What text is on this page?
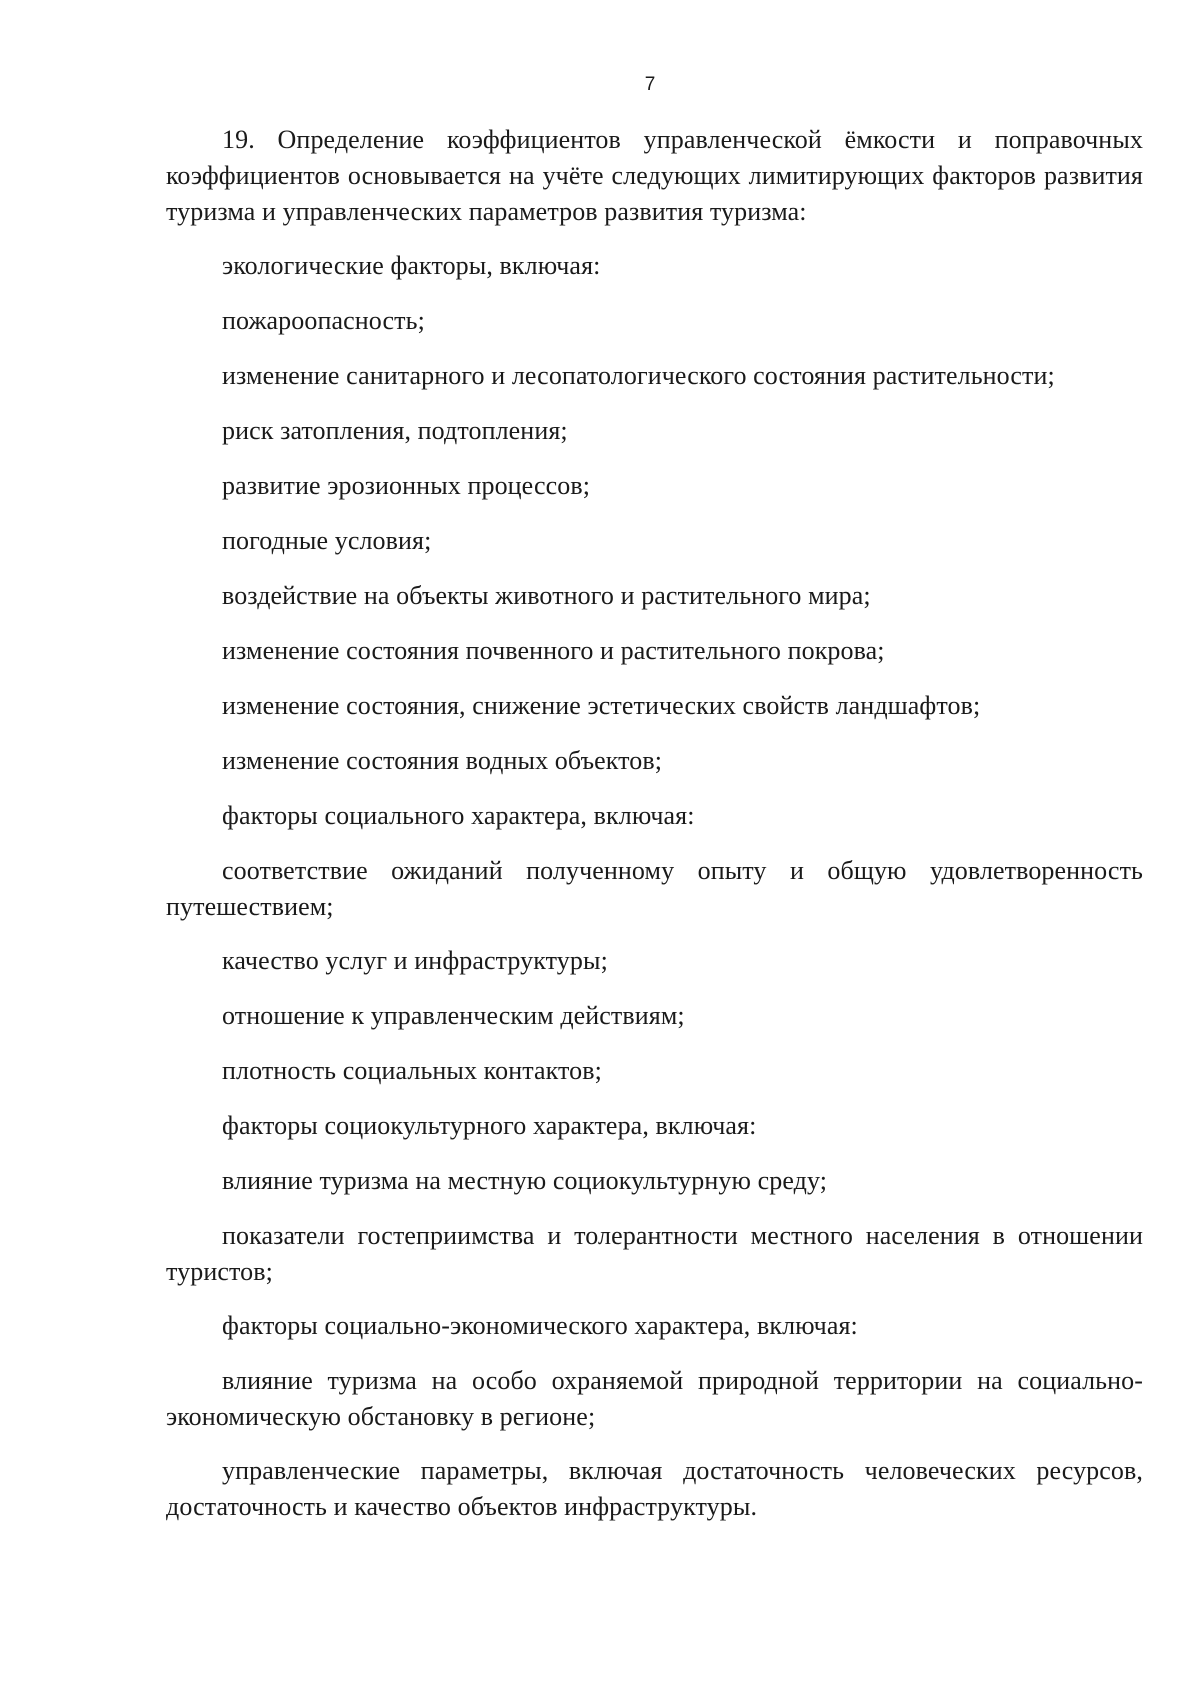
7

19. Определение коэффициентов управленческой ёмкости и поправочных коэффициентов основывается на учёте следующих лимитирующих факторов развития туризма и управленческих параметров развития туризма:

экологические факторы, включая:

пожароопасность;

изменение санитарного и лесопатологического состояния растительности;

риск затопления, подтопления;

развитие эрозионных процессов;

погодные условия;

воздействие на объекты животного и растительного мира;

изменение состояния почвенного и растительного покрова;

изменение состояния, снижение эстетических свойств ландшафтов;

изменение состояния водных объектов;

факторы социального характера, включая:

соответствие ожиданий полученному опыту и общую удовлетворенность путешествием;

качество услуг и инфраструктуры;

отношение к управленческим действиям;

плотность социальных контактов;

факторы социокультурного характера, включая:

влияние туризма на местную социокультурную среду;

показатели гостеприимства и толерантности местного населения в отношении туристов;

факторы социально-экономического характера, включая:

влияние туризма на особо охраняемой природной территории на социально-экономическую обстановку в регионе;

управленческие параметры, включая достаточность человеческих ресурсов, достаточность и качество объектов инфраструктуры.
